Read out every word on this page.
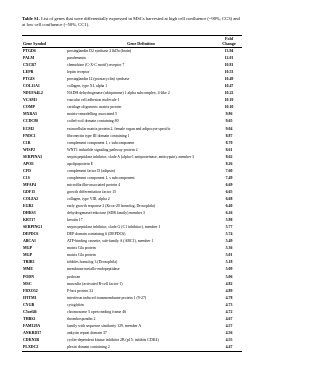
Table S1. List of genes that were differentially expressed in MSCs harvested at high cell confluence (~90%, CC3) and at low cell confluence (~50%, CC1).
Gene Symbol	Gene Definition	Fold
Change
PTGDS	prostaglandin D2 synthase 21kDa (brain)	13.94
PALM	paralemmin	12.01
CXCR7	chemokine (C-X-C motif) receptor 7	10.81
LEPR	leptin receptor	10.53
PTGIS	prostaglandin I2 (prostacyclin) synthase	10.49
COL11A1	collagen, type XI, alpha 1	10.47
NDUFA4L2	NADH dehydrogenase (ubiquinone) 1 alpha subcomplex, 4-like 2	10.22
VCAM1	vascular cell adhesion molecule 1	10.19
COMP	cartilage oligomeric matrix protein	10.10
MXRA5	matrix-remodelling associated 5	9.86
CCDC80	coiled-coil domain containing 80	9.65
ECM2	extracellular matrix protein 2, female organ and adipocyte specific	9.04
FNDC1	fibronectin type III domain containing 1	8.87
C1R	complement component 1, r subcomponent	8.70
WISP2	WNT1 inducible signaling pathway protein 2	8.61
SERPINA3	serpin peptidase inhibitor, clade A (alpha-1 antiproteinase, antitrypsin), member 3	8.62
APOE	apolipoprotein E	8.26
CFD	complement factor D (adipsin)	7.60
C1S	complement component 1, s subcomponent	7.49
MFAP4	microfibrillar-associated protein 4	6.69
GDF15	growth differentiation factor 15	6.65
COL8A2	collagen, type VIII, alpha 2	6.68
EGR2	early growth response 2 (Krox-20 homolog, Drosophila)	6.40
DHRS3	dehydrogenase/reductase (SDR family) member 3	6.26
KRT17	keratin 17	5.98
SERPING1	serpin peptidase inhibitor, clade G (C1 inhibitor), member 1	5.77
DEPDC6	DEP domain containing 6 (DEPDC6)	5.74
ABCA1	ATP-binding cassette, sub-family A (ABC1), member 1	5.49
MGP	matrix Gla protein	5.36
MGP	matrix Gla protein	5.01
TRIB3	tribbles homolog 3 (Drosophila)	5.18
MME	membrane metallo-endopeptidase	5.09
PODN	podocan	5.06
MSC	musculin (activated B-cell factor-1)	4.82
FBXO32	F-box protein 32	4.89
IFITM1	interferon induced transmembrane protein 1 (9-27)	4.78
CYGB	cytoglobin	4.73
C5orf46	chromosome 5 open reading frame 46	4.72
THBS2	thrombospondin 2	4.67
FAM129A	family with sequence similarity 129, member A	4.57
ANKRD37	ankyrin repeat domain 37	4.56
CDKN2B	cyclin-dependent kinase inhibitor 2B (p15, inhibits CDK4)	4.55
PLXDC2	plexin domain containing 2	4.47
